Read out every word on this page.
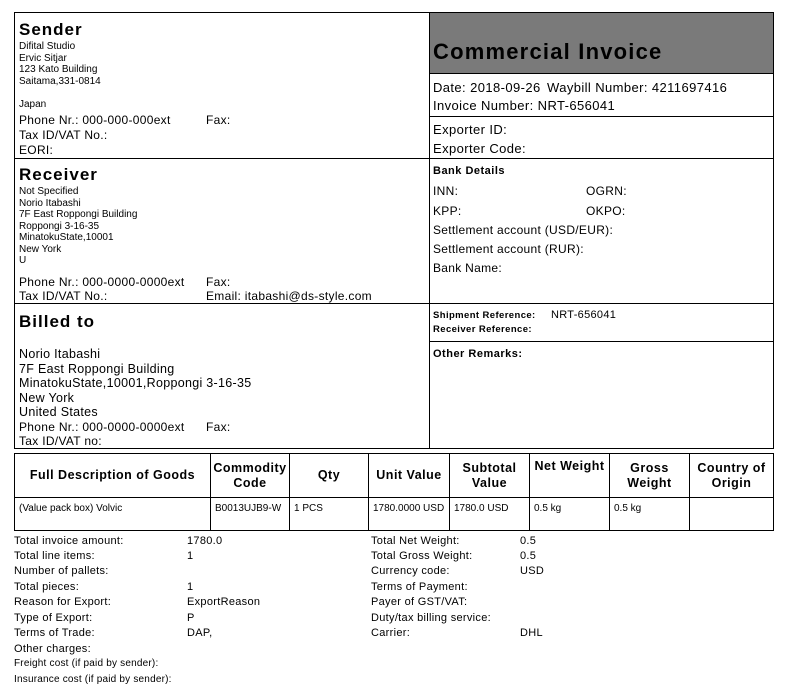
Commercial Invoice
Sender
Difital Studio
Ervic Sitjar
123 Kato Building
Saitama,331-0814
Japan
Phone Nr.: 000-000-000ext	Fax:
Tax ID/VAT No.:
EORI:
Date: 2018-09-26 Waybill Number: 4211697416
Invoice Number: NRT-656041
Exporter ID:
Exporter Code:
Receiver
Not Specified
Norio Itabashi
7F East Roppongi Building
Roppongi 3-16-35
MinatokuState,10001
New York
U
Phone Nr.: 000-0000-0000ext Fax:
Tax ID/VAT No.:	Email: itabashi@ds-style.com
Bank Details
INN:	OGRN:
KPP:	OKPO:
Settlement account (USD/EUR):
Settlement account (RUR):
Bank Name:
Billed to
Norio Itabashi
7F East Roppongi Building
MinatokuState,10001,Roppongi 3-16-35
New York
United States
Phone Nr.: 000-0000-0000ext Fax:
Tax ID/VAT no:
Shipment Reference: NRT-656041
Receiver Reference:
Other Remarks:
Full Description of Goods	Commodity Code	Qty	Unit Value	Subtotal Value	Net Weight	Gross Weight	Country of Origin
(Value pack box) Volvic	B0013UJB9-W	1 PCS	1780.0000 USD	1780.0 USD	0.5 kg	0.5 kg	
Total invoice amount:	1780.0
Total line items:	1
Number of pallets:
Total pieces:	1
Reason for Export:	ExportReason
Type of Export:	P
Terms of Trade:	DAP,
Other charges:
Freight cost (if paid by sender):
Insurance cost (if paid by sender):
Total Net Weight:	0.5
Total Gross Weight:	0.5
Currency code:	USD
Terms of Payment:
Payer of GST/VAT:
Duty/tax billing service:
Carrier:	DHL
